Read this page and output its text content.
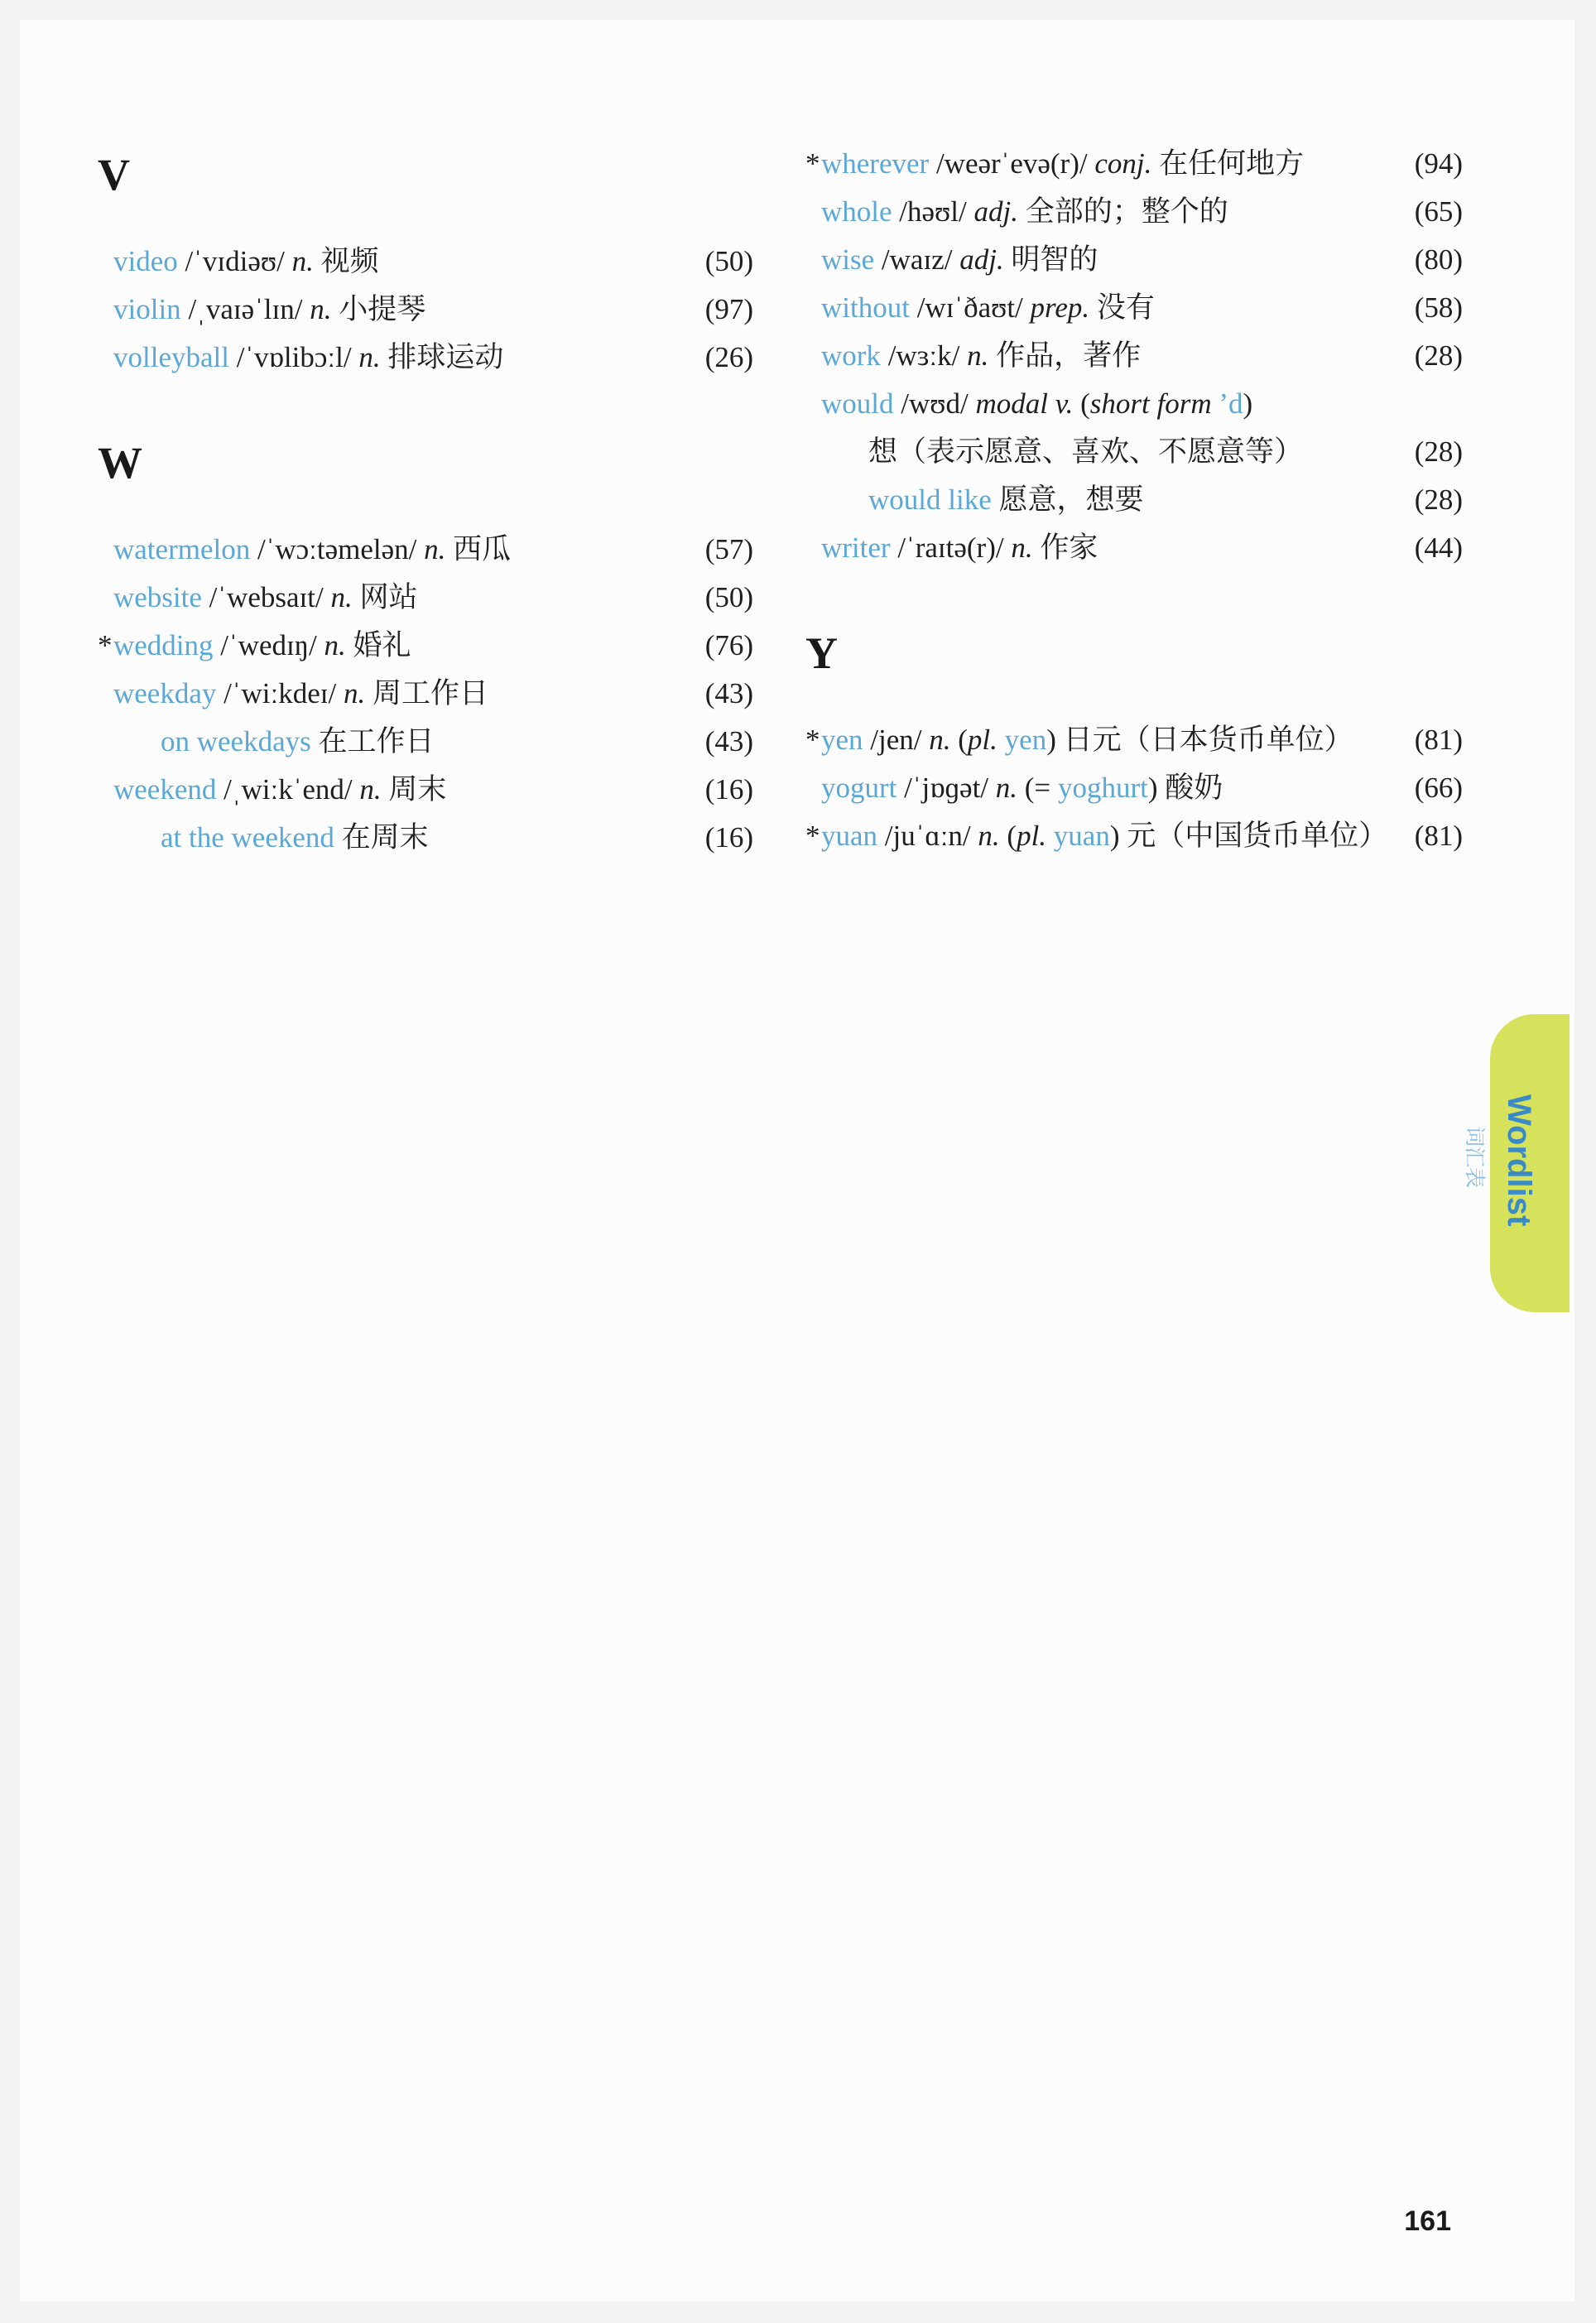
V
video /ˈvɪdiəʊ/ n. 视频	(50)
violin /ˌvaɪəˈlɪn/ n. 小提琴	(97)
volleyball /ˈvɒlibɔːl/ n. 排球运动	(26)
W
watermelon /ˈwɔːtəmelən/ n. 西瓜	(57)
website /ˈwebsaɪt/ n. 网站	(50)
* wedding /ˈwedɪŋ/ n. 婚礼	(76)
weekday /ˈwiːkdeɪ/ n. 周工作日	(43)
on weekdays 在工作日	(43)
weekend /ˌwiːkˈend/ n. 周末	(16)
at the weekend 在周末	(16)
* wherever /weərˈevə(r)/ conj. 在任何地方	(94)
whole /həʊl/ adj. 全部的；整个的	(65)
wise /waɪz/ adj. 明智的	(80)
without /wɪˈðaʊt/ prep. 没有	(58)
work /wɜːk/ n. 作品，著作	(28)
would /wʊd/ modal v. (short form ’d)
想（表示愿意、喜欢、不愿意等）	(28)
would like 愿意，想要	(28)
writer /ˈraɪtə(r)/ n. 作家	(44)
Y
* yen /jen/ n. (pl. yen) 日元（日本货币单位）	(81)
yogurt /ˈjɒɡət/ n. (= yoghurt) 酸奶	(66)
* yuan /juˈɑːn/ n. (pl. yuan) 元（中国货币单位） (81)
Wordlist
词汇表
161
